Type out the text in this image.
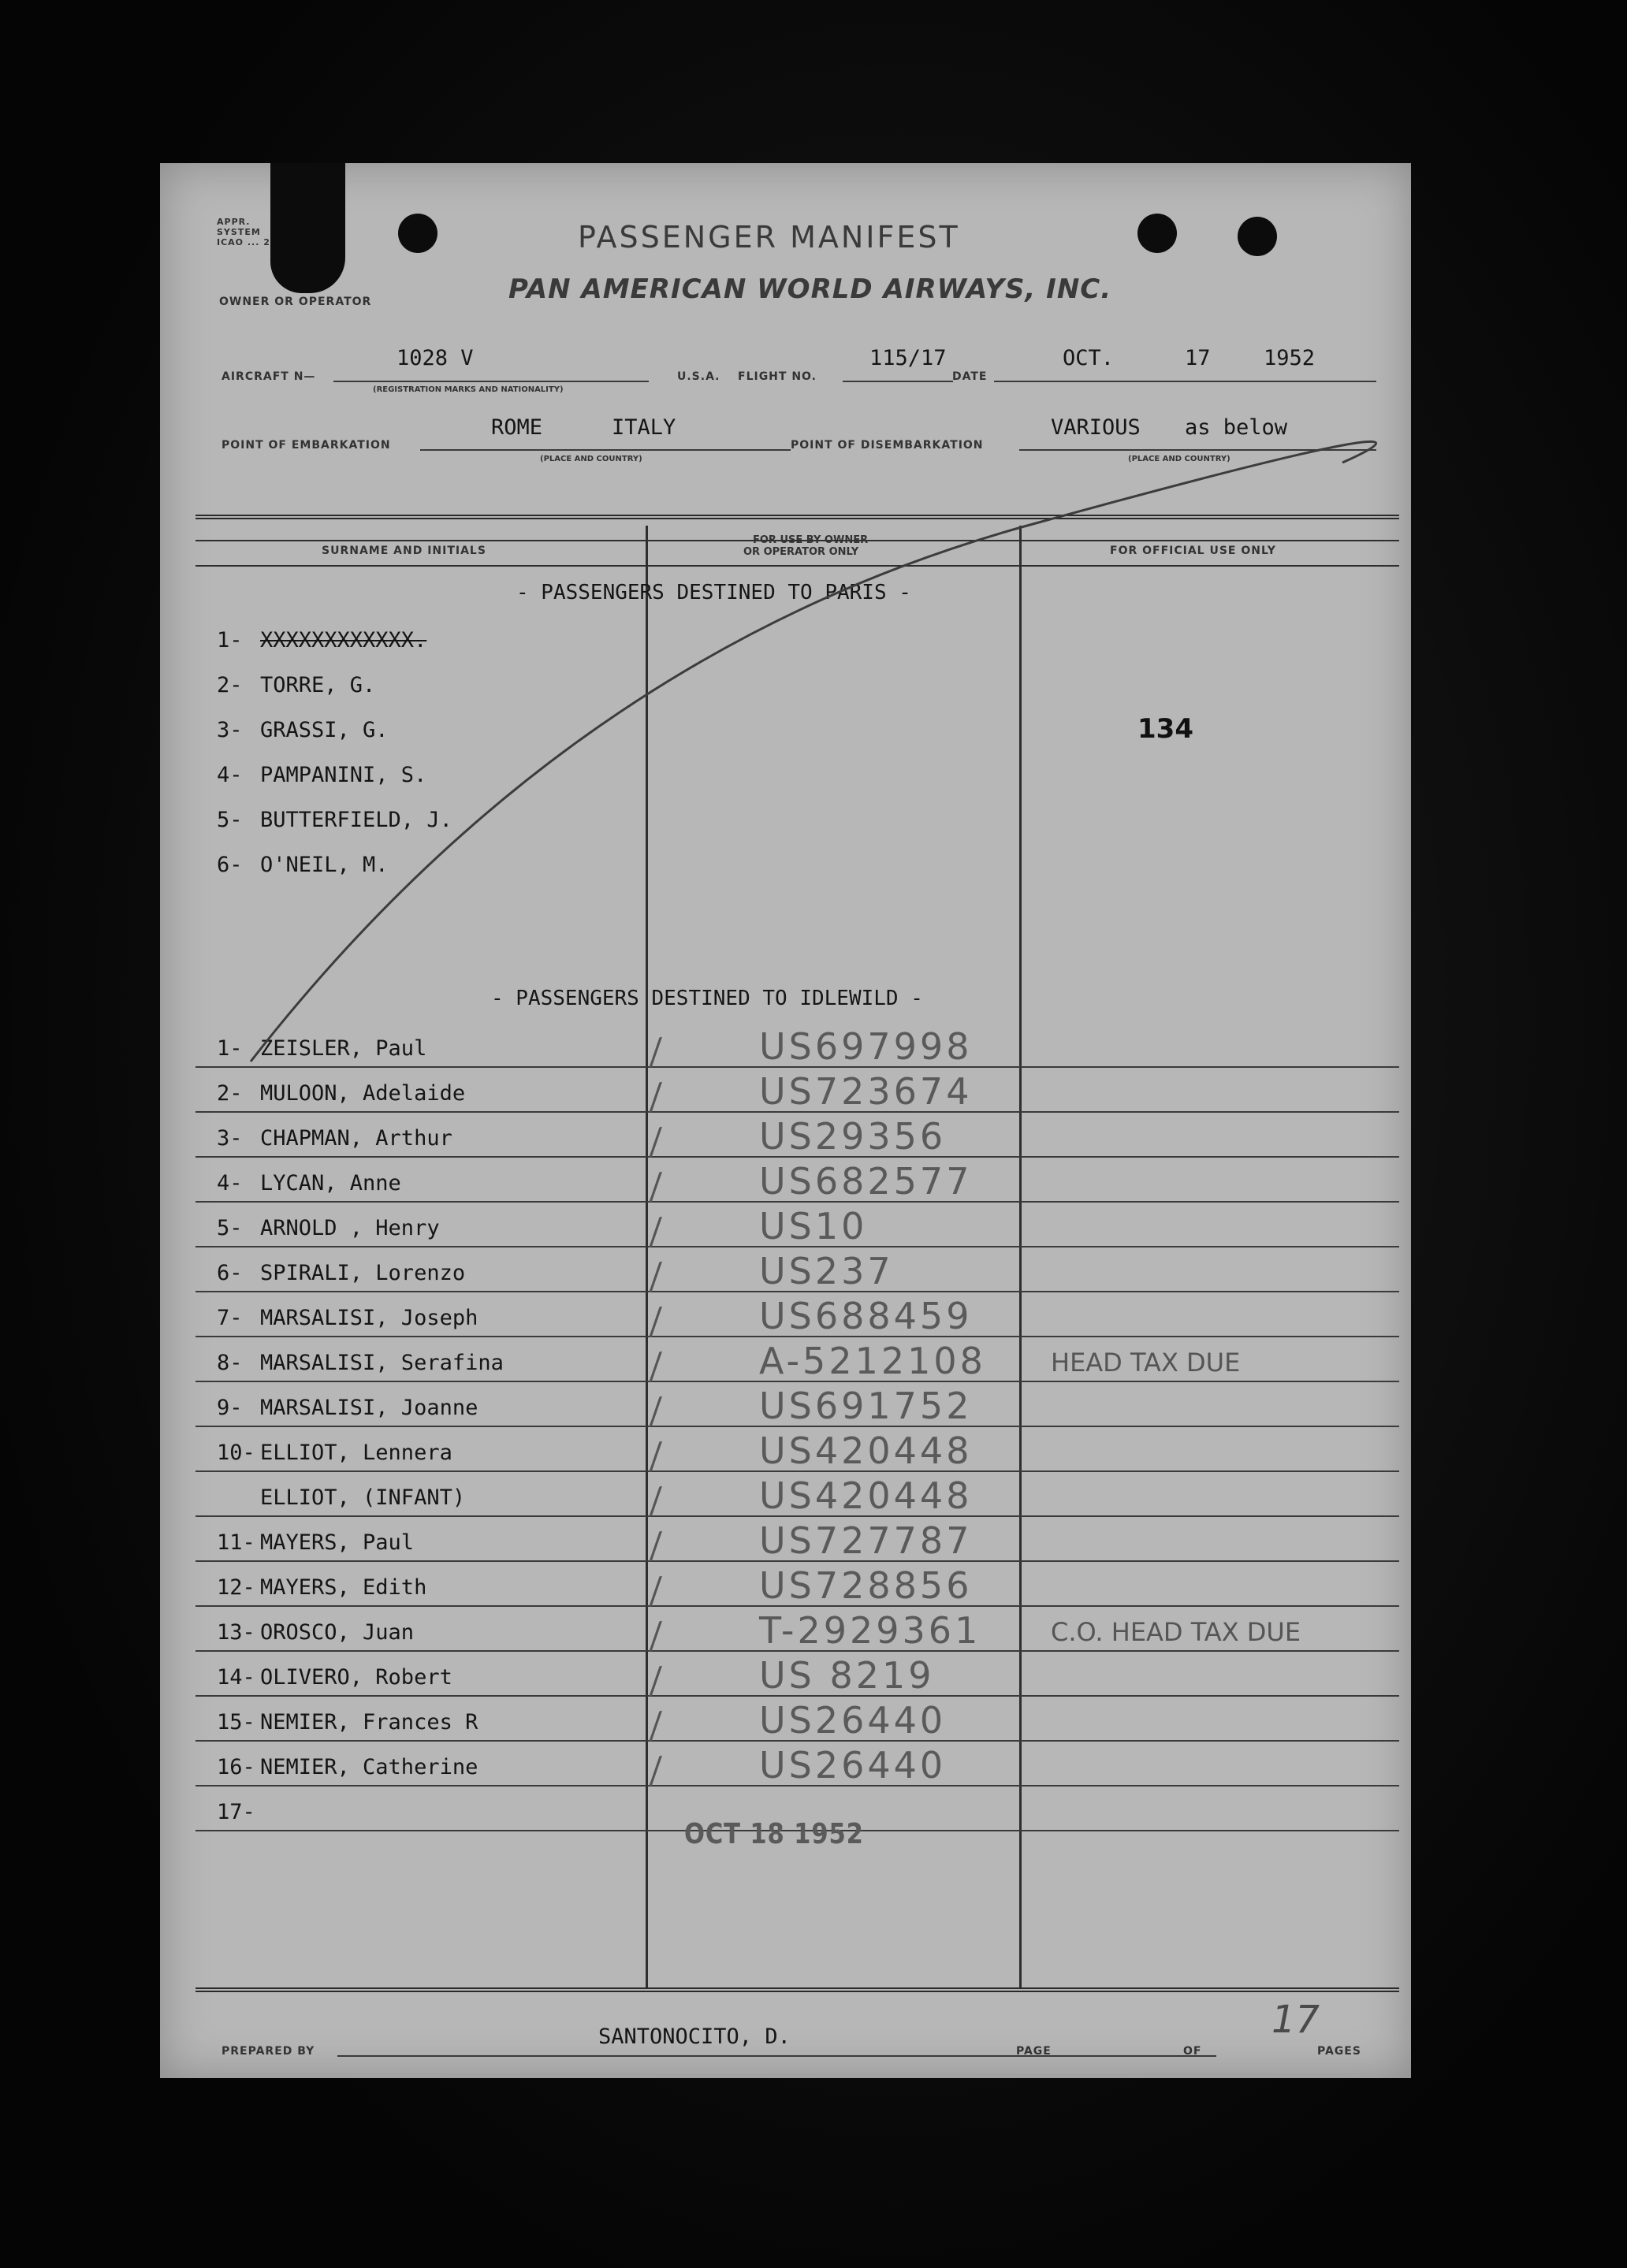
APPR. SYSTEM ICAO ... 2	PASSENGER MANIFEST
OWNER OR OPERATOR	PAN AMERICAN WORLD AIRWAYS, INC.
AIRCRAFT N—
1028 V
(REGISTRATION MARKS AND NATIONALITY)
U.S.A. FLIGHT NO.
115/17
DATE
OCT.	17 1952
POINT OF EMBARKATION
ROME	ITALY
(PLACE AND COUNTRY)
POINT OF DISEMBARKATION
VARIOUS as below
(PLACE AND COUNTRY)
SURNAME AND INITIALS
FOR USE BY OWNER
OR OPERATOR ONLY	FOR OFFICIAL USE ONLY
- PASSENGERS DESTINED TO PARIS -
134
1- XXXXXXXXXXXX.
2- TORRE, G.
3- GRASSI, G.
4- PAMPANINI, S.
5- BUTTERFIELD, J.
6- O'NEIL, M.
- PASSENGERS DESTINED TO IDLEWILD -
1- ZEISLER, Paul	⁄	US697998
2- MULOON, Adelaide	⁄	US723674
3- CHAPMAN, Arthur	⁄	US29356
4- LYCAN, Anne	⁄	US682577
5- ARNOLD , Henry	⁄	US10
6- SPIRALI, Lorenzo	⁄	US237
7- MARSALISI, Joseph	⁄	US688459
8- MARSALISI, Serafina	⁄	A-5212108	HEAD TAX DUE
9- MARSALISI, Joanne	⁄	US691752
10- ELLIOT, Lennera	⁄	US420448
ELLIOT, (INFANT)	⁄	US420448
11- MAYERS, Paul	⁄	US727787
12- MAYERS, Edith	⁄	US728856
13- OROSCO, Juan	⁄	T-2929361	C.O. HEAD TAX DUE
14- OLIVERO, Robert	⁄	US 8219
15- NEMIER, Frances R	⁄	US26440
16- NEMIER, Catherine	⁄	US26440
17-
OCT 18 1952
PREPARED BY
SANTONOCITO, D.
PAGE	OF
17
PAGES
